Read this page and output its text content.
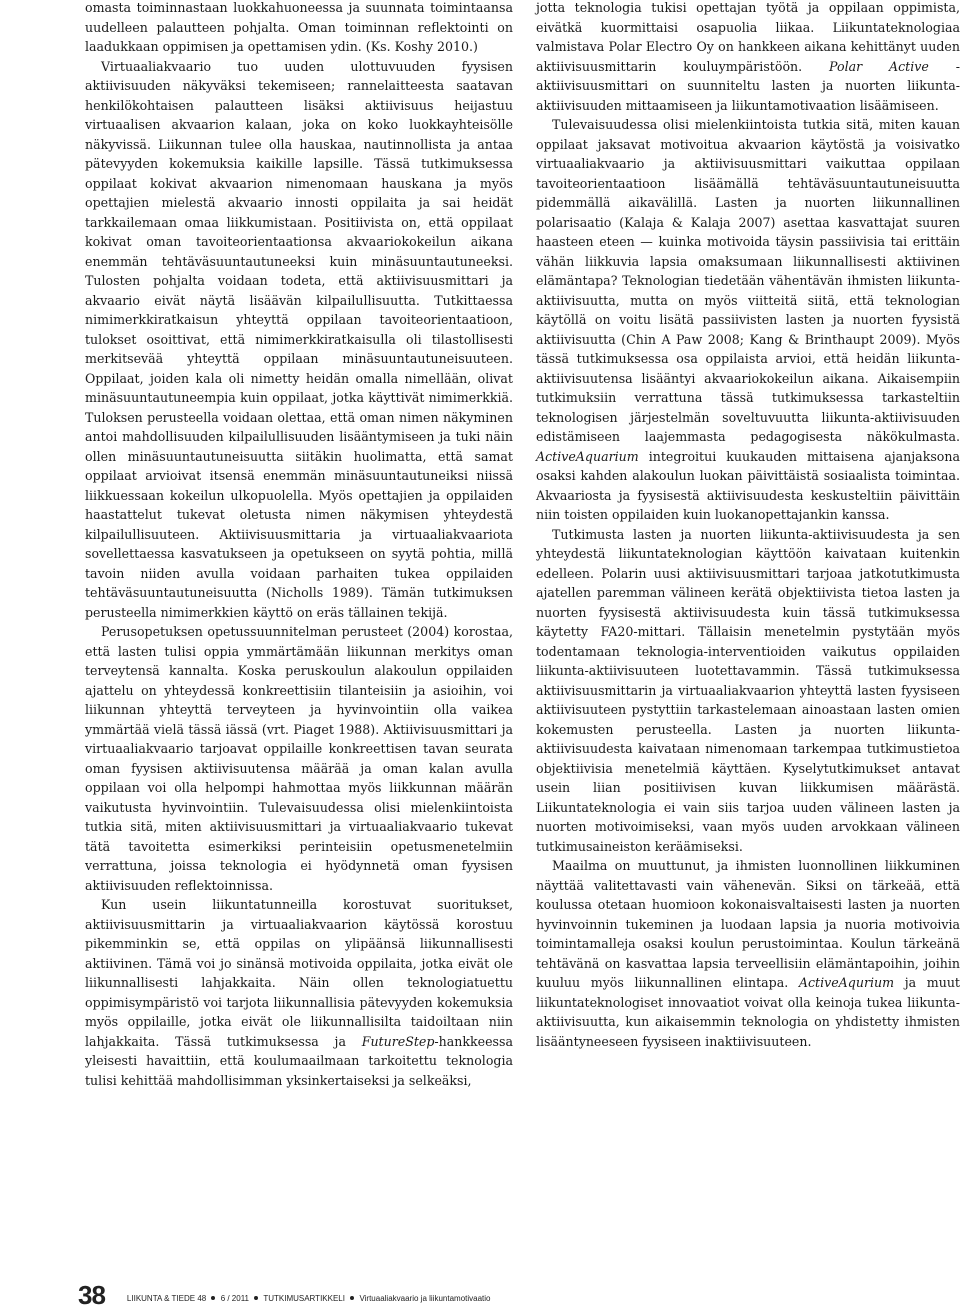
omasta toiminnastaan luokkahuoneessa ja suunnata toimintaansa uudelleen palautteen pohjalta. Oman toiminnan reflektointi on laadukkaan oppimisen ja opettamisen ydin. (Ks. Koshy 2010.)

Virtuaaliakvaario tuo uuden ulottuvuuden fyysisen aktiivisuuden näkyväksi tekemiseen; rannelaitteesta saatavan henkilökohtaisen palautteen lisäksi aktiivisuus heijastuu virtuaalisen akvaarion kalaan, joka on koko luokkayhteisölle näkyvissä. Liikunnan tulee olla hauskaa, nautinnollista ja antaa pätevyyden kokemuksia kaikille lapsille. Tässä tutkimuksessa oppilaat kokivat akvaarion nimenomaan hauskana ja myös opettajien mielestä akvaario innosti oppilaita ja sai heidät tarkkailemaan omaa liikkumistaan. Positiivista on, että oppilaat kokivat oman tavoiteorientaationsa akvaariokokeilun aikana enemmän tehtäväsuuntautuneeksi kuin minäsuuntautuneeksi. Tulosten pohjalta voidaan todeta, että aktiivisuusmittari ja akvaario eivät näytä lisäävän kilpailullisuutta. Tutkittaessa nimimerkkiratkaisun yhteyttä oppilaan tavoiteorientaatioon, tulokset osoittivat, että nimimerkkiratkaisulla oli tilastollisesti merkitsevää yhteyttä oppilaan minäsuuntautuneisuuteen. Oppilaat, joiden kala oli nimetty heidän omalla nimellään, olivat minäsuuntautuneempia kuin oppilaat, jotka käyttivät nimimerkkiä. Tuloksen perusteella voidaan olettaa, että oman nimen näkyminen antoi mahdollisuuden kilpailullisuuden lisääntymiseen ja tuki näin ollen minäsuuntautuneisuutta siitäkin huolimatta, että samat oppilaat arvioivat itsensä enemmän minäsuuntautuneiksi niissä liikkuessaan kokeilun ulkopuolella. Myös opettajien ja oppilaiden haastattelut tukevat oletusta nimen näkymisen yhteydestä kilpailullisuuteen. Aktiivisuusmittaria ja virtuaaliakvaariota sovellettaessa kasvatukseen ja opetukseen on syytä pohtia, millä tavoin niiden avulla voidaan parhaiten tukea oppilaiden tehtäväsuuntautuneisuutta (Nicholls 1989). Tämän tutkimuksen perusteella nimimerkkien käyttö on eräs tällainen tekijä.

Perusopetuksen opetussuunnitelman perusteet (2004) korostaa, että lasten tulisi oppia ymmärtämään liikunnan merkitys oman terveytensä kannalta. Koska peruskoulun alakoulun oppilaiden ajattelu on yhteydessä konkreettisiin tilanteisiin ja asioihin, voi liikunnan yhteyttä terveyteen ja hyvinvointiin olla vaikea ymmärtää vielä tässä iässä (vrt. Piaget 1988). Aktiivisuusmittari ja virtuaaliakvaario tarjoavat oppilaille konkreettisen tavan seurata oman fyysisen aktiivisuutensa määrää ja oman kalan avulla oppilaan voi olla helpompi hahmottaa myös liikkunnan määrän vaikutusta hyvinvointiin. Tulevaisuudessa olisi mielenkiintoista tutkia sitä, miten aktiivisuusmittari ja virtuaaliakvaario tukevat tätä tavoitetta esimerkiksi perinteisiin opetusmenetelmiin verrattuna, joissa teknologia ei hyödynnetä oman fyysisen aktiivisuuden reflektoinnissa.

Kun usein liikuntatunneilla korostuvat suoritukset, aktiivisuusmittarin ja virtuaaliakvaarion käytössä korostuu pikemminkin se, että oppilas on ylipäänsä liikunnallisesti aktiivinen. Tämä voi jo sinänsä motivoida oppilaita, jotka eivät ole liikunnallisesti lahjakkaita. Näin ollen teknologiatuettu oppimisympäristö voi tarjota liikunnallisia pätevyyden kokemuksia myös oppilaille, jotka eivät ole liikunnallisilta taidoiltaan niin lahjakkaita. Tässä tutkimuksessa ja FutureStep-hankkeessa yleisesti havaittiin, että koulumaailmaan tarkoitettu teknologia tulisi kehittää mahdollisimman yksinkertaiseksi ja selkeäksi,

jotta teknologia tukisi opettajan työtä ja oppilaan oppimista, eivätkä kuormittaisi osapuolia liikaa. Liikuntateknologiaa valmistava Polar Electro Oy on hankkeen aikana kehittänyt uuden aktiivisuusmittarin kouluympäristöön. Polar Active -aktiivisuusmittari on suunniteltu lasten ja nuorten liikunta-aktiivisuuden mittaamiseen ja liikuntamotivaation lisäämiseen.

Tulevaisuudessa olisi mielenkiintoista tutkia sitä, miten kauan oppilaat jaksavat motivoitua akvaarion käytöstä ja voisivatko virtuaaliakvaario ja aktiivisuusmittari vaikuttaa oppilaan tavoiteorientaatioon lisäämällä tehtäväsuuntautuneisuutta pidemmällä aikavälillä. Lasten ja nuorten liikunnallinen polarisaatio (Kalaja & Kalaja 2007) asettaa kasvattajat suuren haasteen eteen — kuinka motivoida täysin passiivisia tai erittäin vähän liikkuvia lapsia omaksumaan liikunnallisesti aktiivinen elämäntapa? Teknologian tiedetään vähentävän ihmisten liikunta-aktiivisuutta, mutta on myös viitteitä siitä, että teknologian käytöllä on voitu lisätä passiivisten lasten ja nuorten fyysistä aktiivisuutta (Chin A Paw 2008; Kang & Brinthaupt 2009). Myös tässä tutkimuksessa osa oppilaista arvioi, että heidän liikunta-aktiivisuutensa lisääntyi akvaariokokeilun aikana. Aikaisempiin tutkimuksiin verrattuna tässä tutkimuksessa tarkasteltiin teknologisen järjestelmän soveltuvuutta liikunta-aktiivisuuden edistämiseen laajemmasta pedagogisesta näkökulmasta. ActiveAquarium integroitui kuukauden mittaisena ajanjaksona osaksi kahden alakoulun luokan päivittäistä sosiaalista toimintaa. Akvaariosta ja fyysisestä aktiivisuudesta keskusteltiin päivittäin niin toisten oppilaiden kuin luokanopettajankin kanssa.

Tutkimusta lasten ja nuorten liikunta-aktiivisuudesta ja sen yhteydestä liikuntateknologian käyttöön kaivataan kuitenkin edelleen. Polarin uusi aktiivisuusmittari tarjoaa jatkotutkimusta ajatellen paremman välineen kerätä objektiivista tietoa lasten ja nuorten fyysisestä aktiivisuudesta kuin tässä tutkimuksessa käytetty FA20-mittari. Tällaisin menetelmin pystytään myös todentamaan teknologia-interventioiden vaikutus oppilaiden liikunta-aktiivisuuteen luotettavammin. Tässä tutkimuksessa aktiivisuusmittarin ja virtuaaliakvaarion yhteyttä lasten fyysiseen aktiivisuuteen pystyttiin tarkastelemaan ainoastaan lasten omien kokemusten perusteella. Lasten ja nuorten liikunta-aktiivisuudesta kaivataan nimenomaan tarkempaa tutkimustietoa objektiivisia menetelmiä käyttäen. Kyselytutkimukset antavat usein liian positiivisen kuvan liikkumisen määrästä. Liikuntateknologia ei vain siis tarjoa uuden välineen lasten ja nuorten motivoimiseksi, vaan myös uuden arvokkaan välineen tutkimusaineiston keräämiseksi.

Maailma on muuttunut, ja ihmisten luonnollinen liikkuminen näyttää valitettavasti vain vähenevän. Siksi on tärkeää, että koulussa otetaan huomioon kokonaisvaltaisesti lasten ja nuorten hyvinvoinnin tukeminen ja luodaan lapsia ja nuoria motivoivia toimintamalleja osaksi koulun perustoimintaa. Koulun tärkeänä tehtävänä on kasvattaa lapsia terveellisiin elämäntapoihin, joihin kuuluu myös liikunnallinen elintapa. ActiveAqurium ja muut liikuntateknologiset innovaatiot voivat olla keinoja tukea liikunta-aktiivisuutta, kun aikaisemmin teknologia on yhdistetty ihmisten lisääntyneeseen fyysiseen inaktiivisuuteen.

38	LIIKUNTA & TIEDE 48 6 / 2011 TUTKIMUSARTIKKELI Virtuaaliakvaario ja liikuntamotivaatio
